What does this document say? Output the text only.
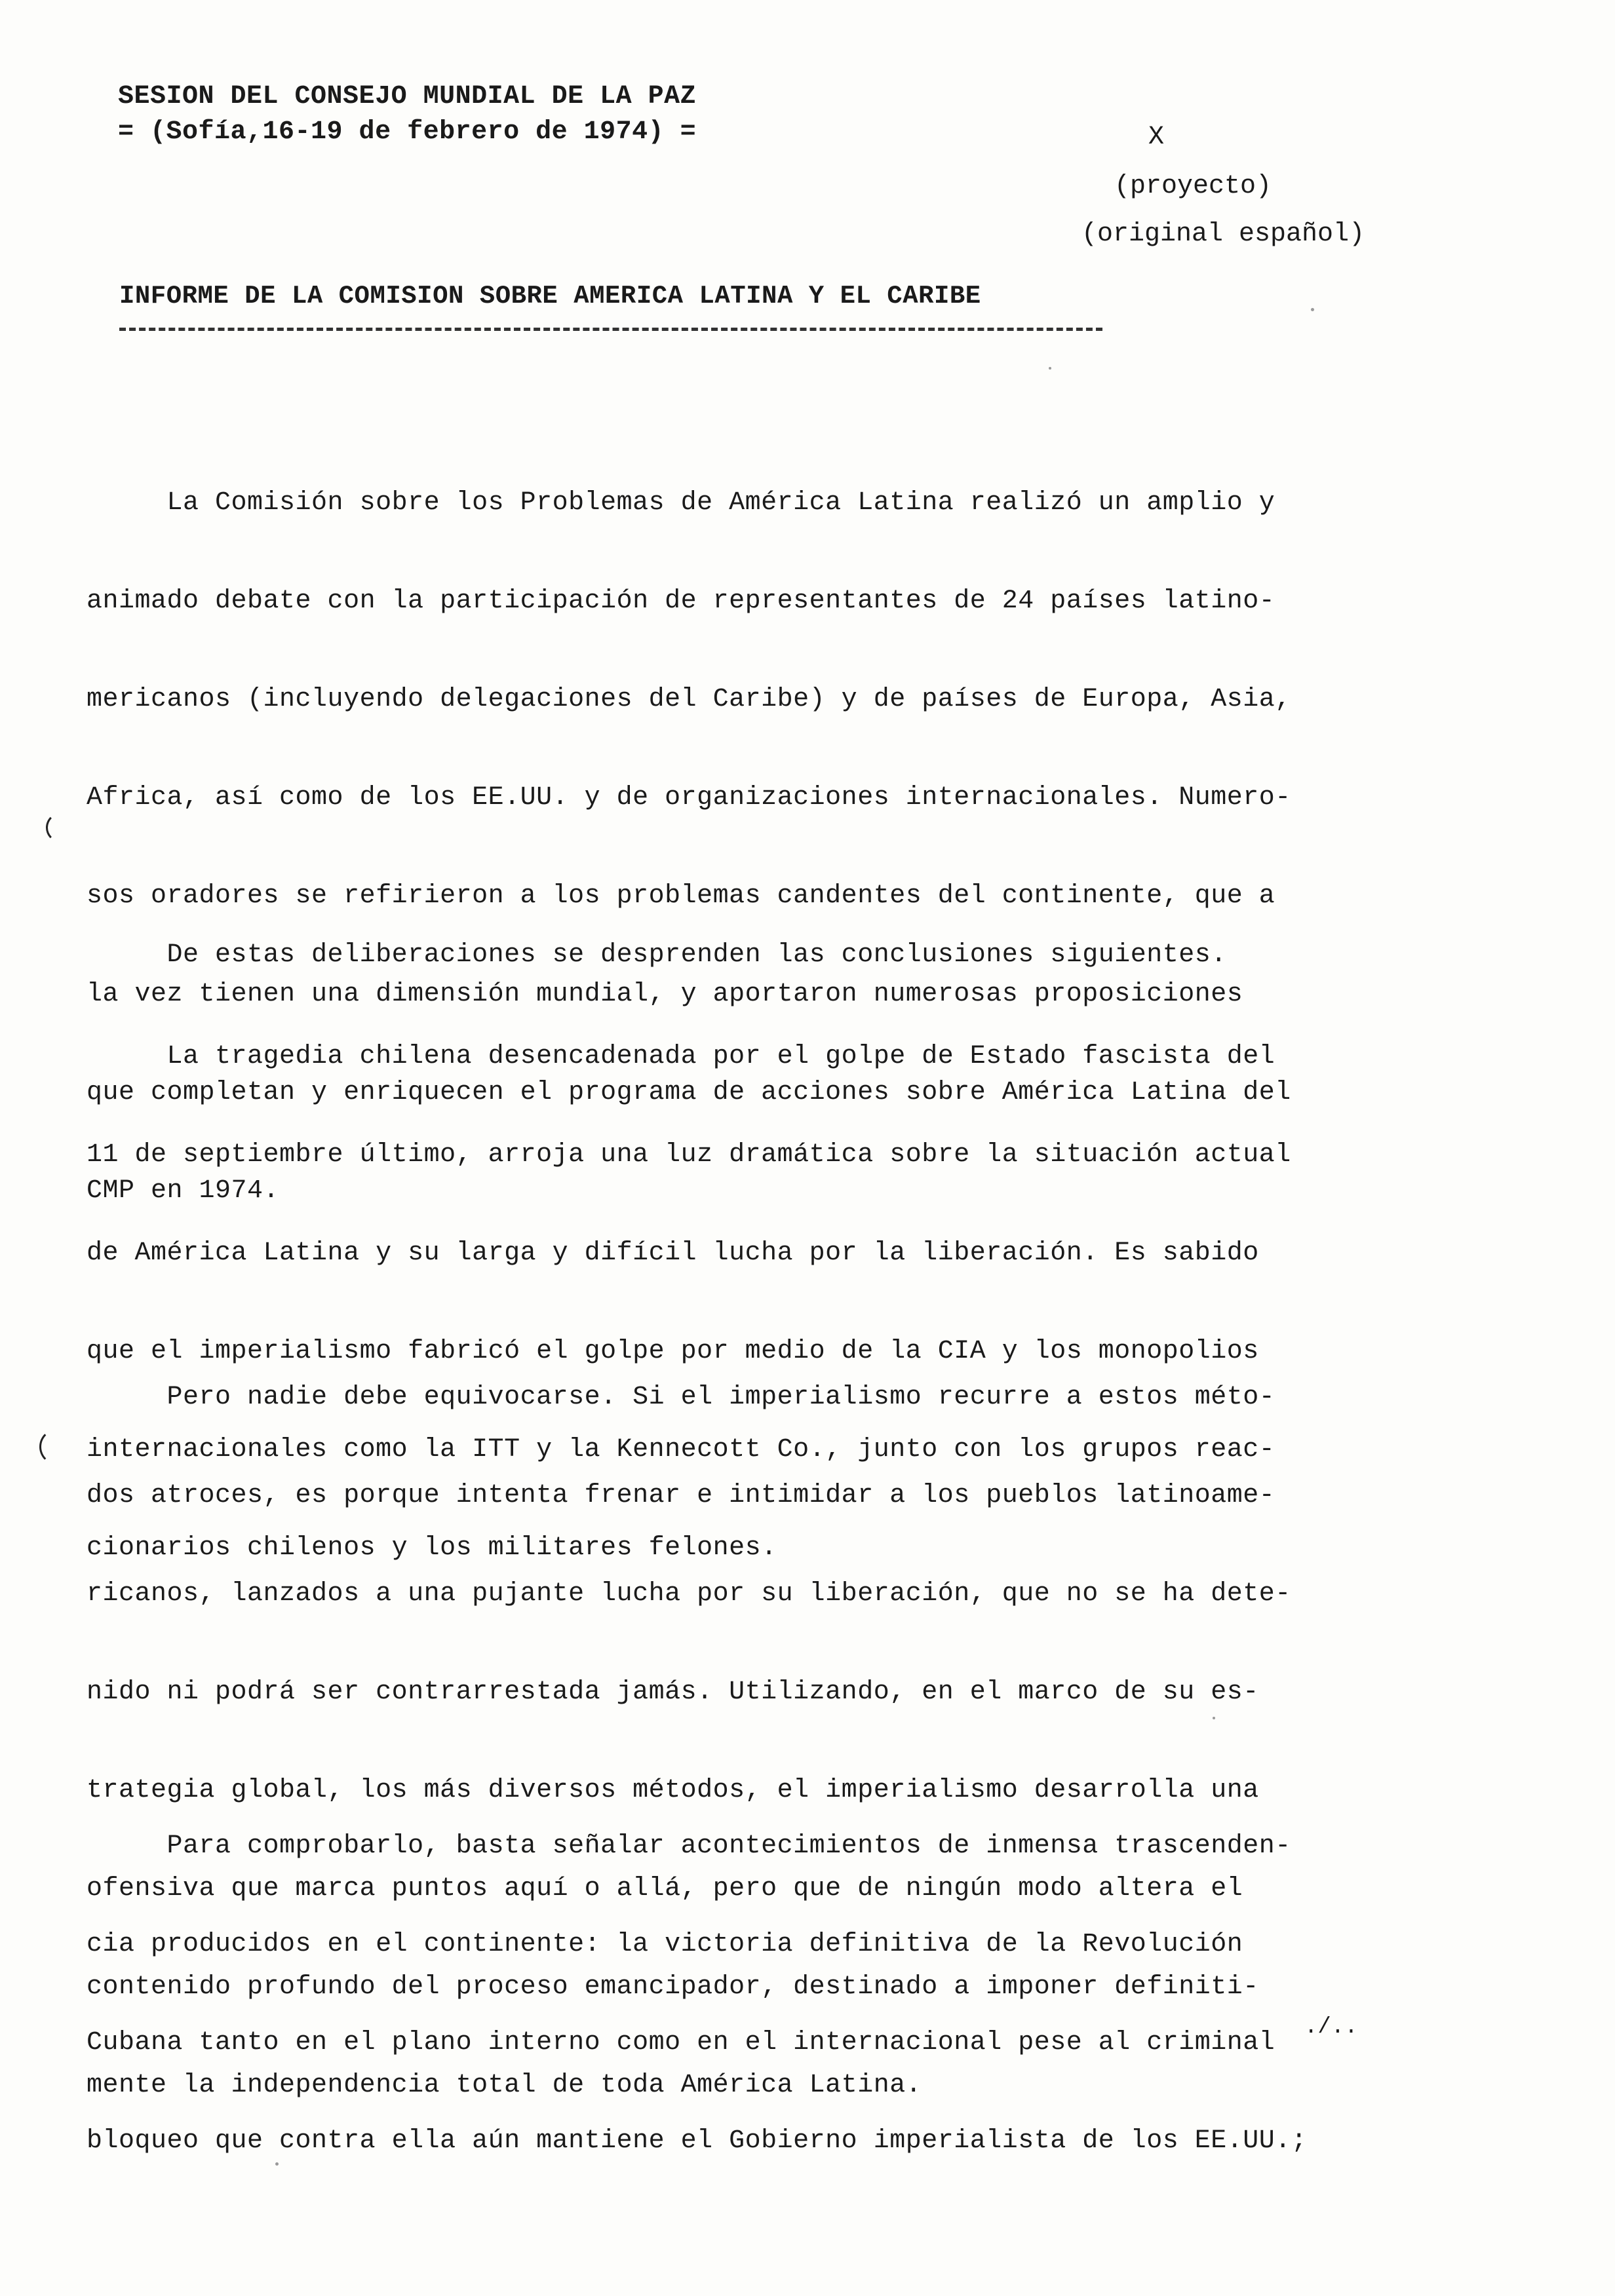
SESION DEL CONSEJO MUNDIAL DE LA PAZ
= (Sofía,16-19 de febrero de 1974) =	X
(proyecto)
(original español)
INFORME DE LA COMISION SOBRE AMERICA LATINA Y EL CARIBE

La Comisión sobre los Problemas de América Latina realizó un amplio y

animado debate con la participación de representantes de 24 países latino-

mericanos (incluyendo delegaciones del Caribe) y de países de Europa, Asia,

Africa, así como de los EE.UU. y de organizaciones internacionales. Numero-

sos oradores se refirieron a los problemas candentes del continente, que a

la vez tienen una dimensión mundial, y aportaron numerosas proposiciones

que completan y enriquecen el programa de acciones sobre América Latina del

CMP en 1974.

De estas deliberaciones se desprenden las conclusiones siguientes.

La tragedia chilena desencadenada por el golpe de Estado fascista del

11 de septiembre último, arroja una luz dramática sobre la situación actual

de América Latina y su larga y difícil lucha por la liberación. Es sabido

que el imperialismo fabricó el golpe por medio de la CIA y los monopolios

internacionales como la ITT y la Kennecott Co., junto con los grupos reac-

cionarios chilenos y los militares felones.

Pero nadie debe equivocarse. Si el imperialismo recurre a estos méto-

dos atroces, es porque intenta frenar e intimidar a los pueblos latinoame-

ricanos, lanzados a una pujante lucha por su liberación, que no se ha dete-

nido ni podrá ser contrarrestada jamás. Utilizando, en el marco de su es-

trategia global, los más diversos métodos, el imperialismo desarrolla una

ofensiva que marca puntos aquí o allá, pero que de ningún modo altera el

contenido profundo del proceso emancipador, destinado a imponer definiti-

mente la independencia total de toda América Latina.

Para comprobarlo, basta señalar acontecimientos de inmensa trascenden-

cia producidos en el continente: la victoria definitiva de la Revolución

Cubana tanto en el plano interno como en el internacional pese al criminal

bloqueo que contra ella aún mantiene el Gobierno imperialista de los EE.UU.;

./..
